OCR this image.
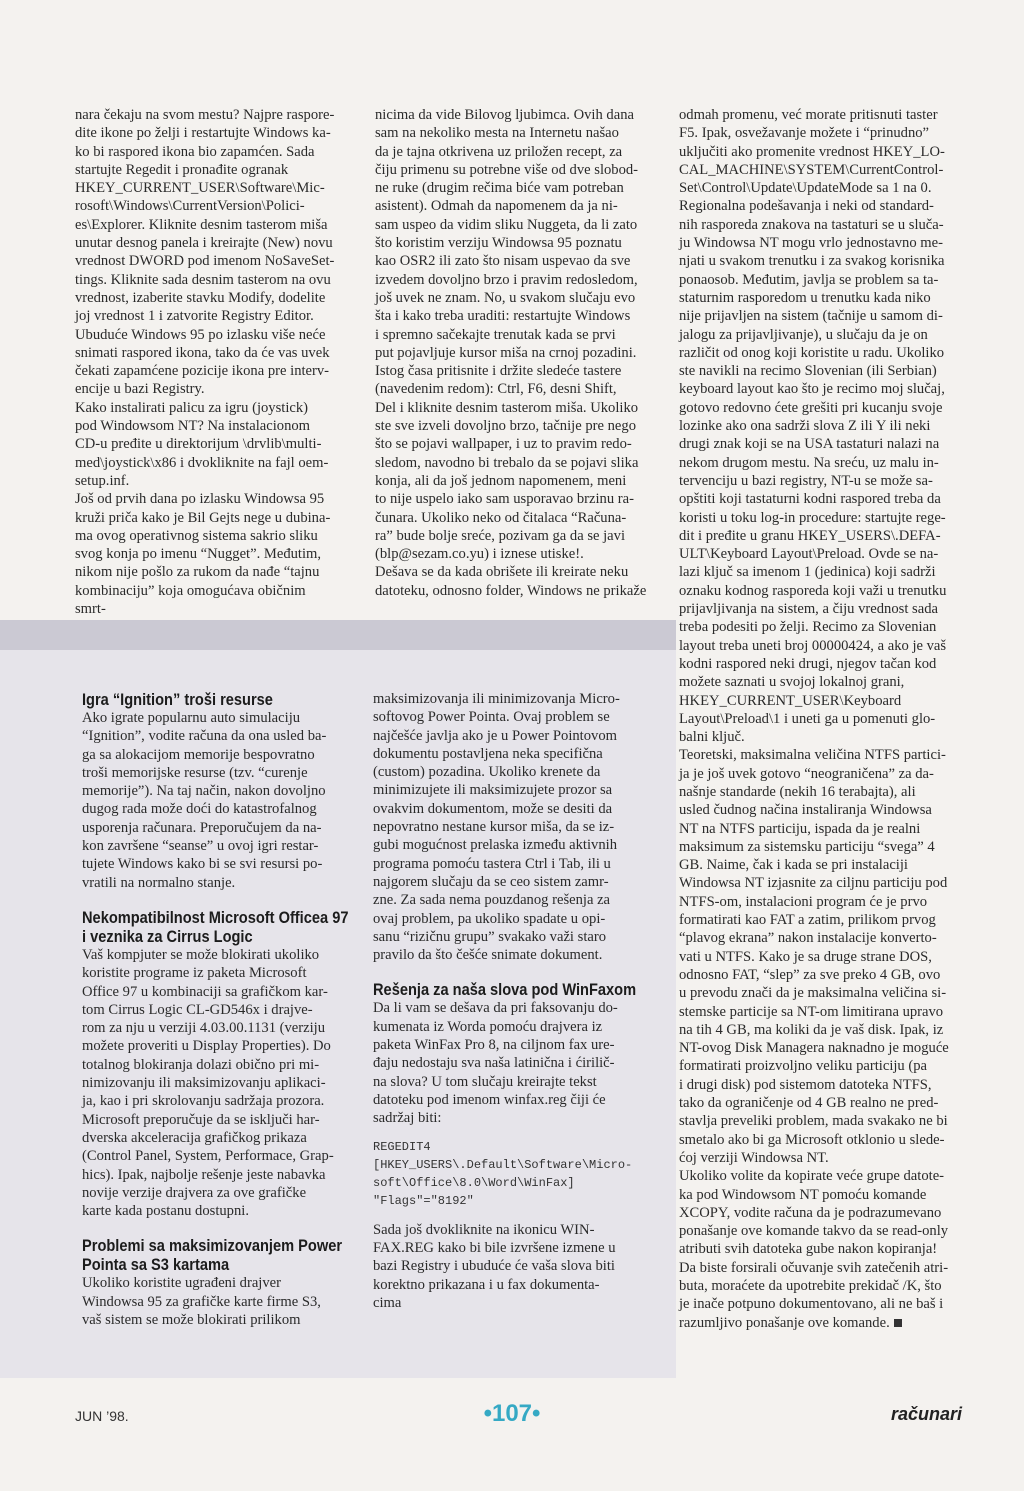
nara čekaju na svom mestu? Najpre raspore-

dite ikone po želji i restartujte Windows ka-

ko bi raspored ikona bio zapamćen. Sada

startujte Regedit i pronađite ogranak

HKEY_CURRENT_USER\Software\Mic-

rosoft\Windows\CurrentVersion\Polici-

es\Explorer. Kliknite desnim tasterom miša

unutar desnog panela i kreirajte (New) novu

vrednost DWORD pod imenom NoSaveSet-

tings. Kliknite sada desnim tasterom na ovu

vrednost, izaberite stavku Modify, dodelite

joj vrednost 1 i zatvorite Registry Editor.

Ubuduće Windows 95 po izlasku više neće

snimati raspored ikona, tako da će vas uvek

čekati zapamćene pozicije ikona pre interv-

encije u bazi Registry.

Kako instalirati palicu za igru (joystick)

pod Windowsom NT? Na instalacionom

CD-u pređite u direktorijum \drvlib\multi-

med\joystick\x86 i dvokliknite na fajl oem-

setup.inf.

Još od prvih dana po izlasku Windowsa 95

kruži priča kako je Bil Gejts nege u dubina-

ma ovog operativnog sistema sakrio sliku

svog konja po imenu “Nugget”. Međutim,

nikom nije pošlo za rukom da nađe “tajnu

kombinaciju” koja omogućava običnim smrt-

nicima da vide Bilovog ljubimca. Ovih dana

sam na nekoliko mesta na Internetu našao

da je tajna otkrivena uz priložen recept, za

čiju primenu su potrebne više od dve slobod-

ne ruke (drugim rečima biće vam potreban

asistent). Odmah da napomenem da ja ni-

sam uspeo da vidim sliku Nuggeta, da li zato

što koristim verziju Windowsa 95 poznatu

kao OSR2 ili zato što nisam uspevao da sve

izvedem dovoljno brzo i pravim redosledom,

još uvek ne znam. No, u svakom slučaju evo

šta i kako treba uraditi: restartujte Windows

i spremno sačekajte trenutak kada se prvi

put pojavljuje kursor miša na crnoj pozadini.

Istog časa pritisnite i držite sledeće tastere

(navedenim redom): Ctrl, F6, desni Shift,

Del i kliknite desnim tasterom miša. Ukoliko

ste sve izveli dovoljno brzo, tačnije pre nego

što se pojavi wallpaper, i uz to pravim redo-

sledom, navodno bi trebalo da se pojavi slika

konja, ali da još jednom napomenem, meni

to nije uspelo iako sam usporavao brzinu ra-

čunara. Ukoliko neko od čitalaca “Računa-

ra” bude bolje sreće, pozivam ga da se javi

(blp@sezam.co.yu) i iznese utiske!.

Dešava se da kada obrišete ili kreirate neku

datoteku, odnosno folder, Windows ne prikaže

odmah promenu, već morate pritisnuti taster

F5. Ipak, osvežavanje možete i “prinudno”

uključiti ako promenite vrednost HKEY_LO-

CAL_MACHINE\SYSTEM\CurrentControl-

Set\Control\Update\UpdateMode sa 1 na 0.

Regionalna podešavanja i neki od standard-

nih rasporeda znakova na tastaturi se u sluča-

ju Windowsa NT mogu vrlo jednostavno me-

njati u svakom trenutku i za svakog korisnika

ponaosob. Međutim, javlja se problem sa ta-

staturnim rasporedom u trenutku kada niko

nije prijavljen na sistem (tačnije u samom di-

jalogu za prijavljivanje), u slučaju da je on

različit od onog koji koristite u radu. Ukoliko

ste navikli na recimo Slovenian (ili Serbian)

keyboard layout kao što je recimo moj slučaj,

gotovo redovno ćete grešiti pri kucanju svoje

lozinke ako ona sadrži slova Z ili Y ili neki

drugi znak koji se na USA tastaturi nalazi na

nekom drugom mestu. Na sreću, uz malu in-

tervenciju u bazi registry, NT-u se može sa-

opštiti koji tastaturni kodni raspored treba da

koristi u toku log-in procedure: startujte rege-

dit i pređite u granu HKEY_USERS\.DEFA-

ULT\Keyboard Layout\Preload. Ovde se na-

lazi ključ sa imenom 1 (jedinica) koji sadrži

oznaku kodnog rasporeda koji važi u trenutku

prijavljivanja na sistem, a čiju vrednost sada

treba podesiti po želji. Recimo za Slovenian

layout treba uneti broj 00000424, a ako je vaš

kodni raspored neki drugi, njegov tačan kod

možete saznati u svojoj lokalnoj grani,

HKEY_CURRENT_USER\Keyboard

Layout\Preload\1 i uneti ga u pomenuti glo-

balni ključ.

Teoretski, maksimalna veličina NTFS partici-

ja je još uvek gotovo “neograničena” za da-

našnje standarde (nekih 16 terabajta), ali

usled čudnog načina instaliranja Windowsa

NT na NTFS particiju, ispada da je realni

maksimum za sistemsku particiju “svega” 4

GB. Naime, čak i kada se pri instalaciji

Windowsa NT izjasnite za ciljnu particiju pod

NTFS-om, instalacioni program će je prvo

formatirati kao FAT a zatim, prilikom prvog

“plavog ekrana” nakon instalacije konverto-

vati u NTFS. Kako je sa druge strane DOS,

odnosno FAT, “slep” za sve preko 4 GB, ovo

u prevodu znači da je maksimalna veličina si-

stemske particije sa NT-om limitirana upravo

na tih 4 GB, ma koliki da je vaš disk. Ipak, iz

NT-ovog Disk Managera naknadno je moguće

formatirati proizvoljno veliku particiju (pa

i drugi disk) pod sistemom datoteka NTFS,

tako da ograničenje od 4 GB realno ne pred-

stavlja preveliki problem, mada svakako ne bi

smetalo ako bi ga Microsoft otklonio u slede-

ćoj verziji Windowsa NT.

Ukoliko volite da kopirate veće grupe datote-

ka pod Windowsom NT pomoću komande

XCOPY, vodite računa da je podrazumevano

ponašanje ove komande takvo da se read-only

atributi svih datoteka gube nakon kopiranja!

Da biste forsirali očuvanje svih zatečenih atri-

buta, moraćete da upotrebite prekidač /K, što

je inače potpuno dokumentovano, ali ne baš i

razumljivo ponašanje ove komande.

Igra “Ignition” troši resurse

Ako igrate popularnu auto simulaciju

“Ignition”, vodite računa da ona usled ba-

ga sa alokacijom memorije bespovratno

troši memorijske resurse (tzv. “curenje

memorije”). Na taj način, nakon dovoljno

dugog rada može doći do katastrofalnog

usporenja računara. Preporučujem da na-

kon završene “seanse” u ovoj igri restar-

tujete Windows kako bi se svi resursi po-

vratili na normalno stanje.

Nekompatibilnost Microsoft Officea 97 i veznika za Cirrus Logic

Vaš kompjuter se može blokirati ukoliko

koristite programe iz paketa Microsoft

Office 97 u kombinaciji sa grafičkom kar-

tom Cirrus Logic CL-GD546x i drajve-

rom za nju u verziji 4.03.00.1131 (verziju

možete proveriti u Display Properties). Do

totalnog blokiranja dolazi obično pri mi-

nimizovanju ili maksimizovanju aplikaci-

ja, kao i pri skrolovanju sadržaja prozora.

Microsoft preporučuje da se isključi har-

dverska akceleracija grafičkog prikaza

(Control Panel, System, Performace, Grap-

hics). Ipak, najbolje rešenje jeste nabavka

novije verzije drajvera za ove grafičke

karte kada postanu dostupni.

Problemi sa maksimizovanjem Power Pointa sa S3 kartama

Ukoliko koristite ugrađeni drajver

Windowsa 95 za grafičke karte firme S3,

vaš sistem se može blokirati prilikom

maksimizovanja ili minimizovanja Micro-

softovog Power Pointa. Ovaj problem se

najčešće javlja ako je u Power Pointovom

dokumentu postavljena neka specifična

(custom) pozadina. Ukoliko krenete da

minimizujete ili maksimizujete prozor sa

ovakvim dokumentom, može se desiti da

nepovratno nestane kursor miša, da se iz-

gubi mogućnost prelaska između aktivnih

programa pomoću tastera Ctrl i Tab, ili u

najgorem slučaju da se ceo sistem zamr-

zne. Za sada nema pouzdanog rešenja za

ovaj problem, pa ukoliko spadate u opi-

sanu “rizičnu grupu” svakako važi staro

pravilo da što češće snimate dokument.

Rešenja za naša slova pod WinFaxom

Da li vam se dešava da pri faksovanju do-

kumenata iz Worda pomoću drajvera iz

paketa WinFax Pro 8, na ciljnom fax ure-

đaju nedostaju sva naša latinična i ćirilič-

na slova? U tom slučaju kreirajte tekst

datoteku pod imenom winfax.reg čiji će

sadržaj biti:

REGEDIT4

[HKEY_USERS\.Default\Software\Micro-

soft\Office\8.0\Word\WinFax]

"Flags"="8192"

Sada još dvokliknite na ikonicu WIN-

FAX.REG kako bi bile izvršene izmene u

bazi Registry i ubuduće će vaša slova biti

korektno prikazana i u fax dokumenta-

cima

JUN ’98.	•107•	računari
